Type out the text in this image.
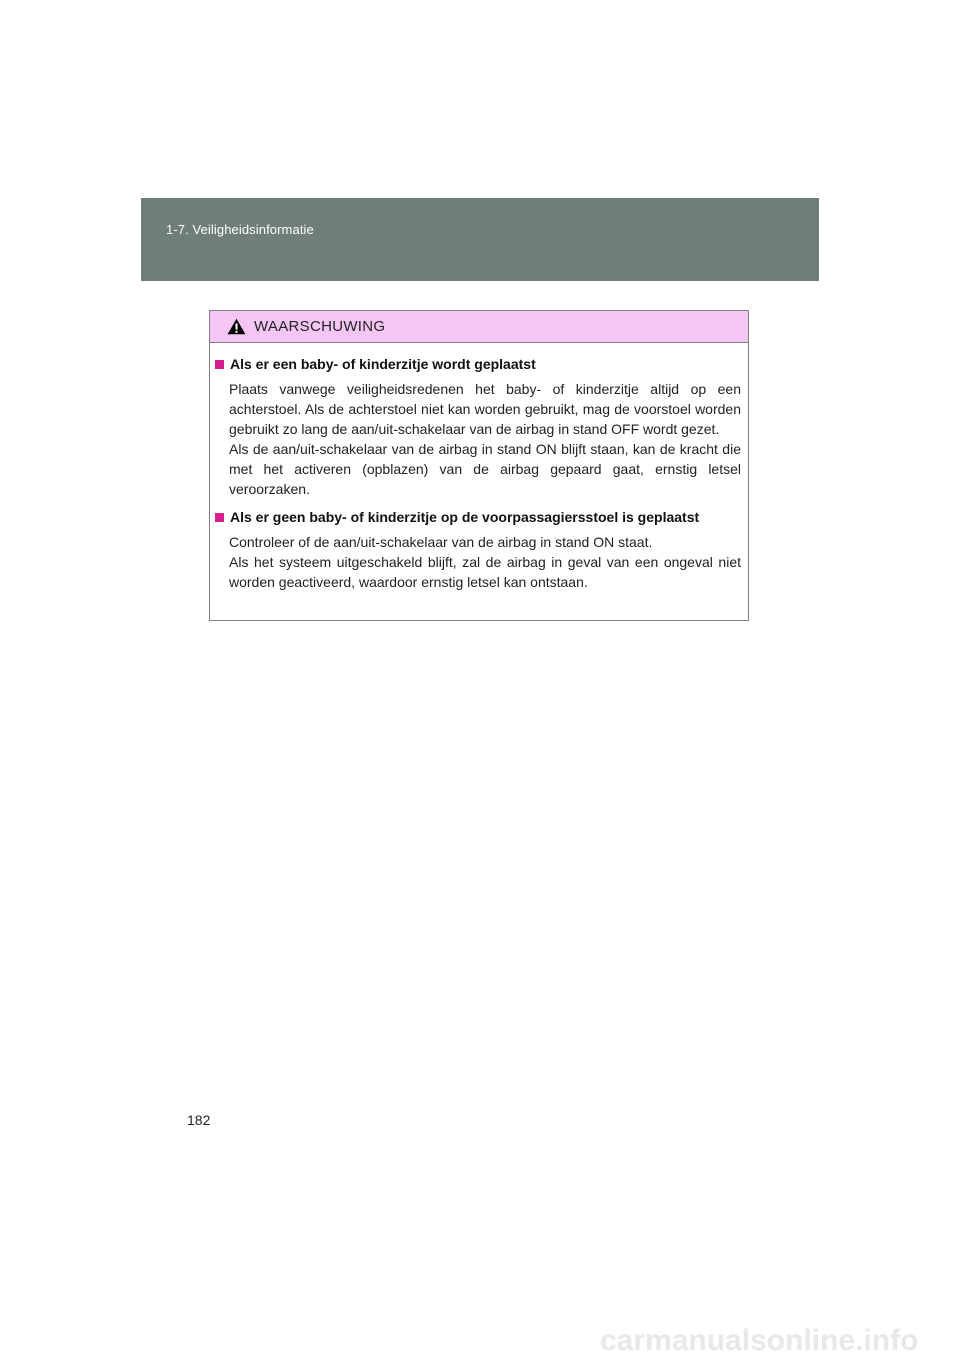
1-7. Veiligheidsinformatie
WAARSCHUWING
Als er een baby- of kinderzitje wordt geplaatst

Plaats vanwege veiligheidsredenen het baby- of kinderzitje altijd op een achterstoel. Als de achterstoel niet kan worden gebruikt, mag de voorstoel worden gebruikt zo lang de aan/uit-schakelaar van de airbag in stand OFF wordt gezet.

Als de aan/uit-schakelaar van de airbag in stand ON blijft staan, kan de kracht die met het activeren (opblazen) van de airbag gepaard gaat, ernstig letsel veroorzaken.

Als er geen baby- of kinderzitje op de voorpassagiersstoel is geplaatst

Controleer of de aan/uit-schakelaar van de airbag in stand ON staat.

Als het systeem uitgeschakeld blijft, zal de airbag in geval van een ongeval niet worden geactiveerd, waardoor ernstig letsel kan ontstaan.

182
carmanualsonline.info
